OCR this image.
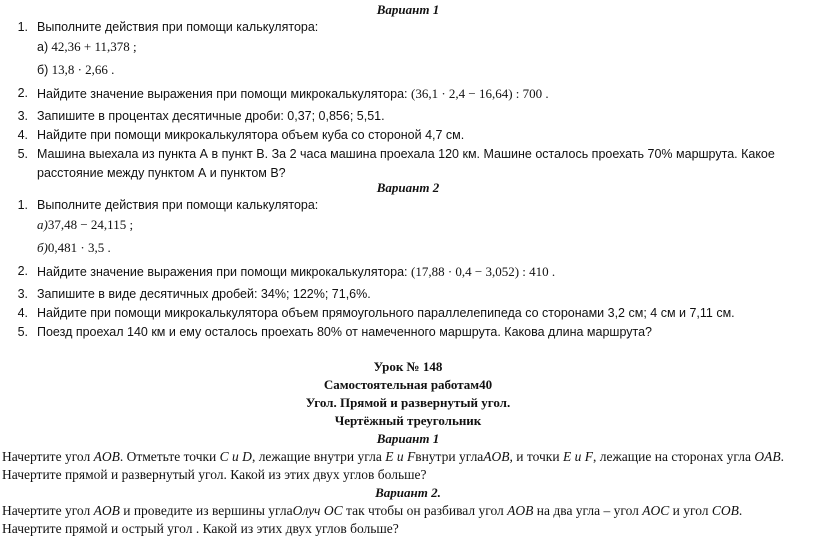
Вариант 1
1. Выполните действия при помощи калькулятора:
а) 42,36 + 11,378 ;
б) 13,8 · 2,66 .
2. Найдите значение выражения при помощи микрокалькулятора: (36,1 · 2,4 − 16,64) : 700 .
3. Запишите в процентах десятичные дроби: 0,37; 0,856; 5,51.
4. Найдите при помощи микрокалькулятора объем куба со стороной 4,7 см.
5. Машина выехала из пункта А в пункт В. За 2 часа машина проехала 120 км. Машине осталось проехать 70% маршрута. Какое расстояние между пунктом А и пунктом В?
Вариант 2
1. Выполните действия при помощи калькулятора:
а)37,48 − 24,115 ;
б)0,481 · 3,5 .
2. Найдите значение выражения при помощи микрокалькулятора: (17,88 · 0,4 − 3,052) : 410 .
3. Запишите в виде десятичных дробей: 34%; 122%; 71,6%.
4. Найдите при помощи микрокалькулятора объем прямоугольного параллелепипеда со сторонами 3,2 см; 4 см и 7,11 см.
5. Поезд проехал 140 км и ему осталось проехать 80% от намеченного маршрута. Какова длина маршрута?
Урок № 148
Самостоятельная работам40
Угол. Прямой и развернутый угол.
Чертёжный треугольник
Вариант 1
Начертите угол AOB. Отметьте точки C и D, лежащие внутри угла E и Fвнутри углаAOB, и точки E и F, лежащие на сторонах угла OAB.
Начертите прямой и развернутый угол. Какой из этих двух углов больше?
Вариант 2.
Начертите угол AOB и проведите из вершины углаOлуч OC так чтобы он разбивал угол AOB на два угла – угол AOC и угол COB.
Начертите прямой и острый угол . Какой из этих двух углов больше?
